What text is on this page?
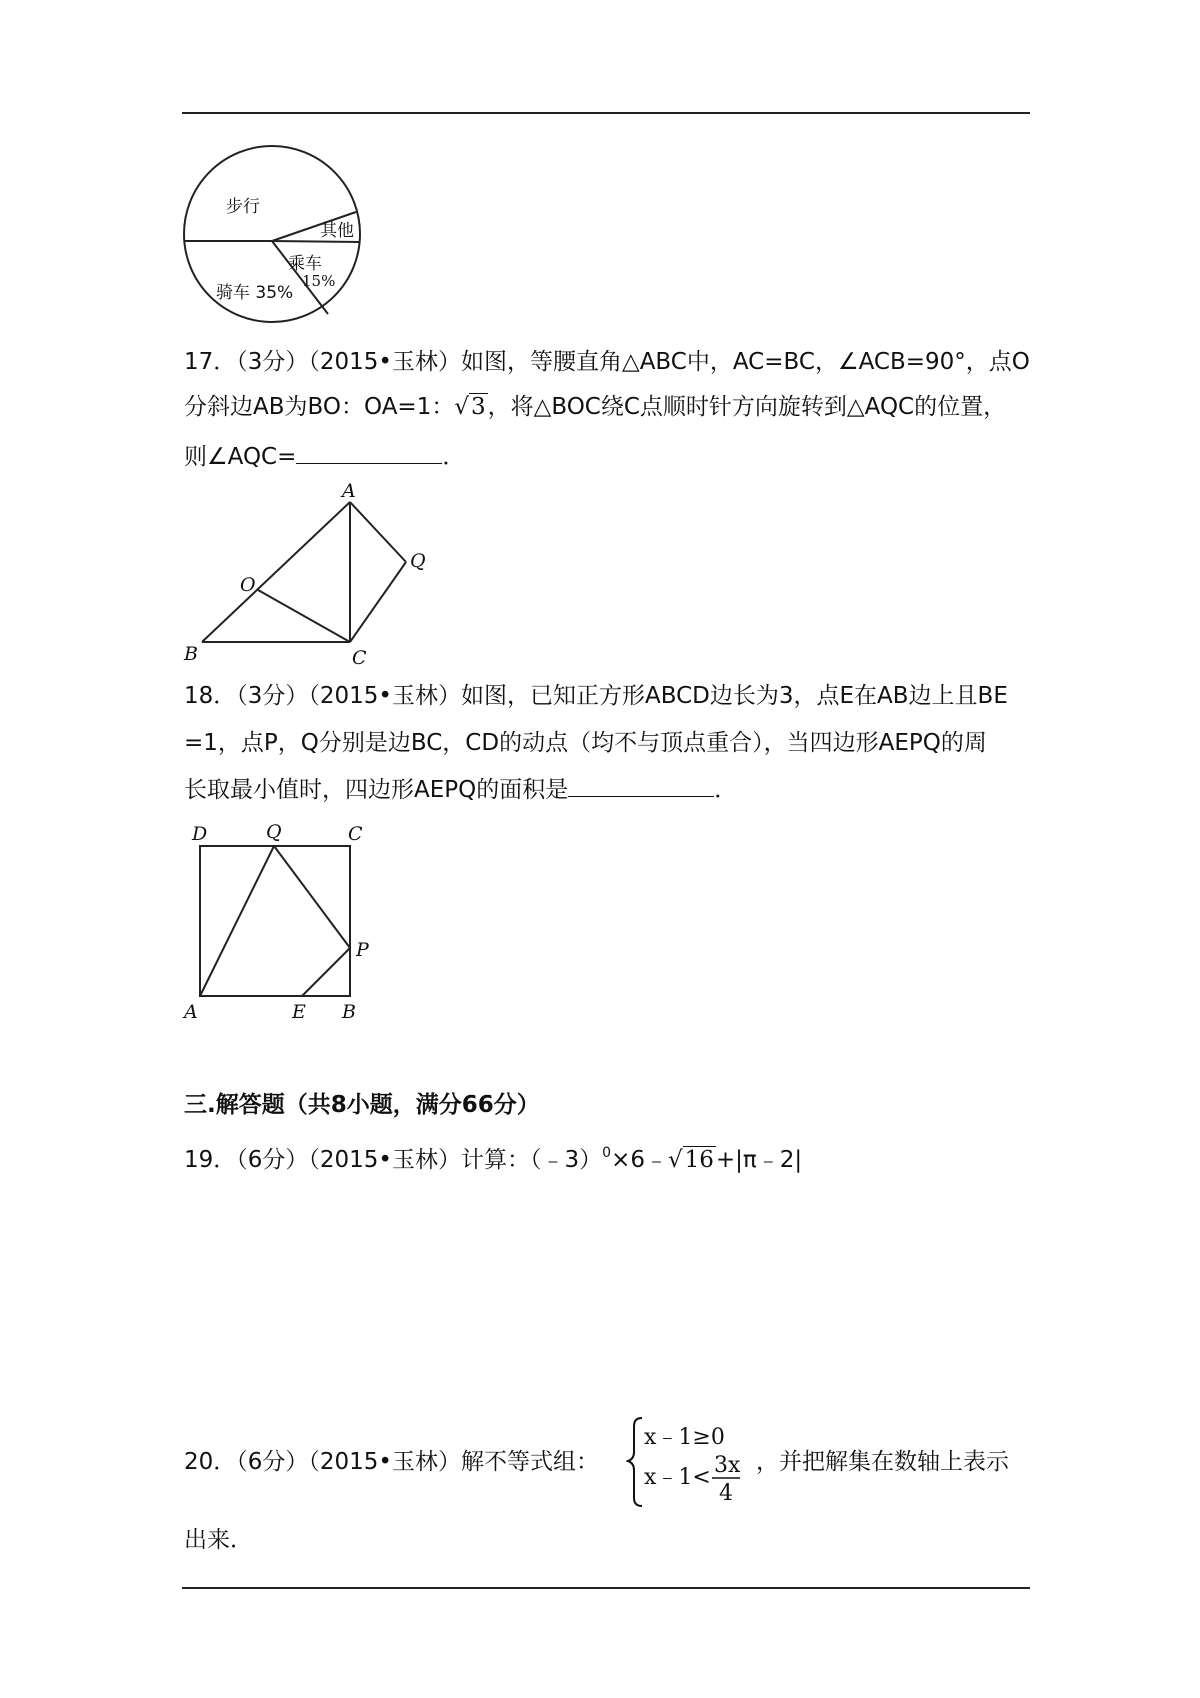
步行
其他
乘车
15%
骑车 35%
17．（3分）（2015•玉林）如图，等腰直角△ABC中，AC=BC，∠ACB=90°，点O
分斜边AB为BO：OA=1：√3，将△BOC绕C点顺时针方向旋转到△AQC的位置，
则∠AQC=	．
A
Q
O
B	C
18．（3分）（2015•玉林）如图，已知正方形ABCD边长为3，点E在AB边上且BE
=1，点P，Q分别是边BC，CD的动点（均不与顶点重合），当四边形AEPQ的周
长取最小值时，四边形AEPQ的面积是	．
D	Q	C
P
A	E B
三.解答题（共8小题，满分66分）
19．（6分）（2015•玉林）计算：（﹣3）$^0$×6﹣√16+|π﹣2|
20．（6分）（2015•玉林）解不等式组：
x﹣1≥0
x﹣1< 3x
4
，并把解集在数轴上表示
出来．
